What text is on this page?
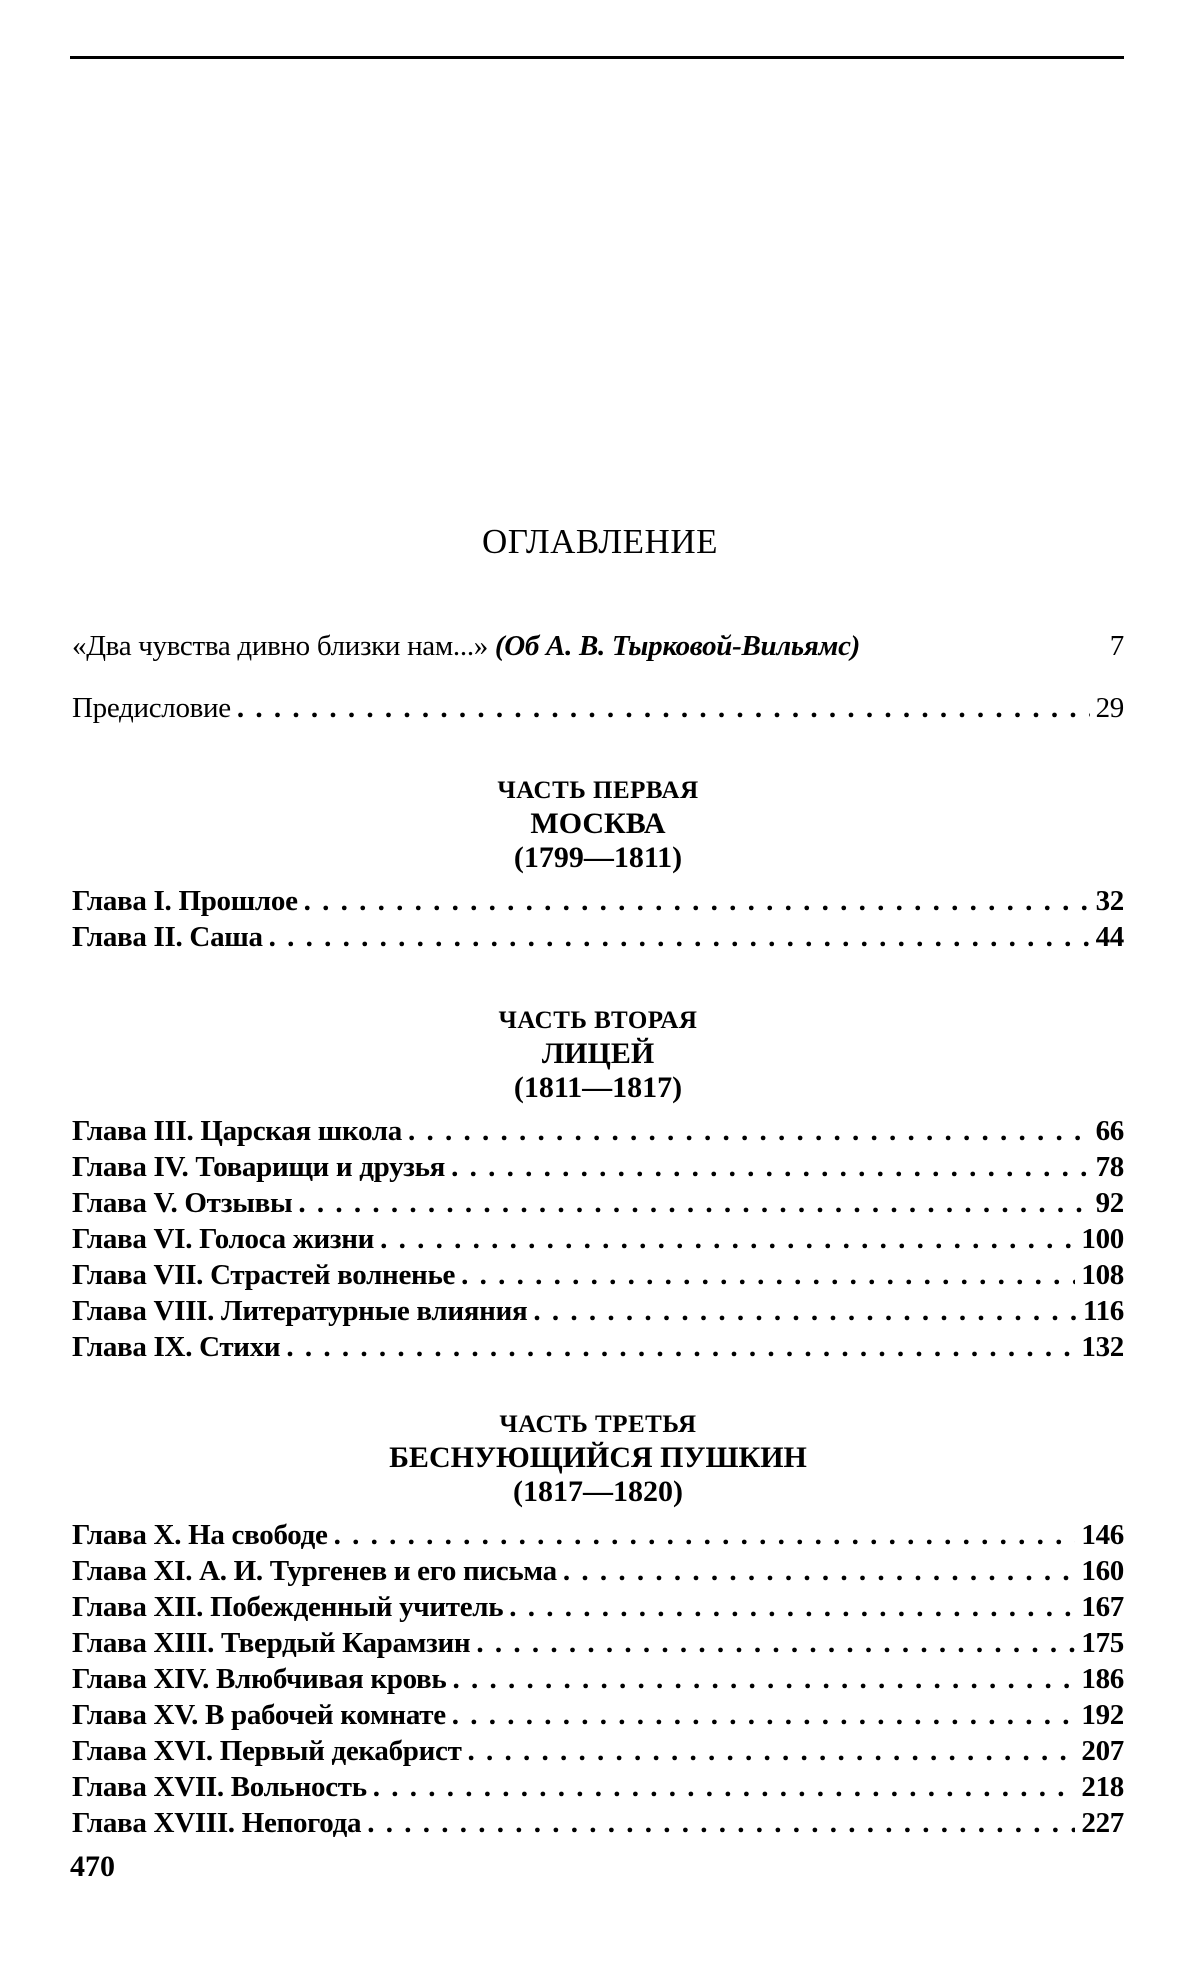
ОГЛАВЛЕНИЕ
«Два чувства дивно близки нам...» (Об А. В. Тырковой-Вильямс)	7
Предисловие . . .	29
ЧАСТЬ ПЕРВАЯ
МОСКВА
(1799—1811)
Глава I. Прошлое . . .	32
Глава II. Саша . . .	44
ЧАСТЬ ВТОРАЯ
ЛИЦЕЙ
(1811—1817)
Глава III. Царская школа . . .	66
Глава IV. Товарищи и друзья . . .	78
Глава V. Отзывы . . .	92
Глава VI. Голоса жизни . . .	100
Глава VII. Страстей волненье . . .	108
Глава VIII. Литературные влияния . . .	116
Глава IX. Стихи . . .	132
ЧАСТЬ ТРЕТЬЯ
БЕСНУЮЩИЙСЯ ПУШКИН
(1817—1820)
Глава X. На свободе . . .	146
Глава XI. А. И. Тургенев и его письма . . .	160
Глава XII. Побежденный учитель . . .	167
Глава XIII. Твердый Карамзин . . .	175
Глава XIV. Влюбчивая кровь . . .	186
Глава XV. В рабочей комнате . . .	192
Глава XVI. Первый декабрист . . .	207
Глава XVII. Вольность . . .	218
Глава XVIII. Непогода . . .	227
470
